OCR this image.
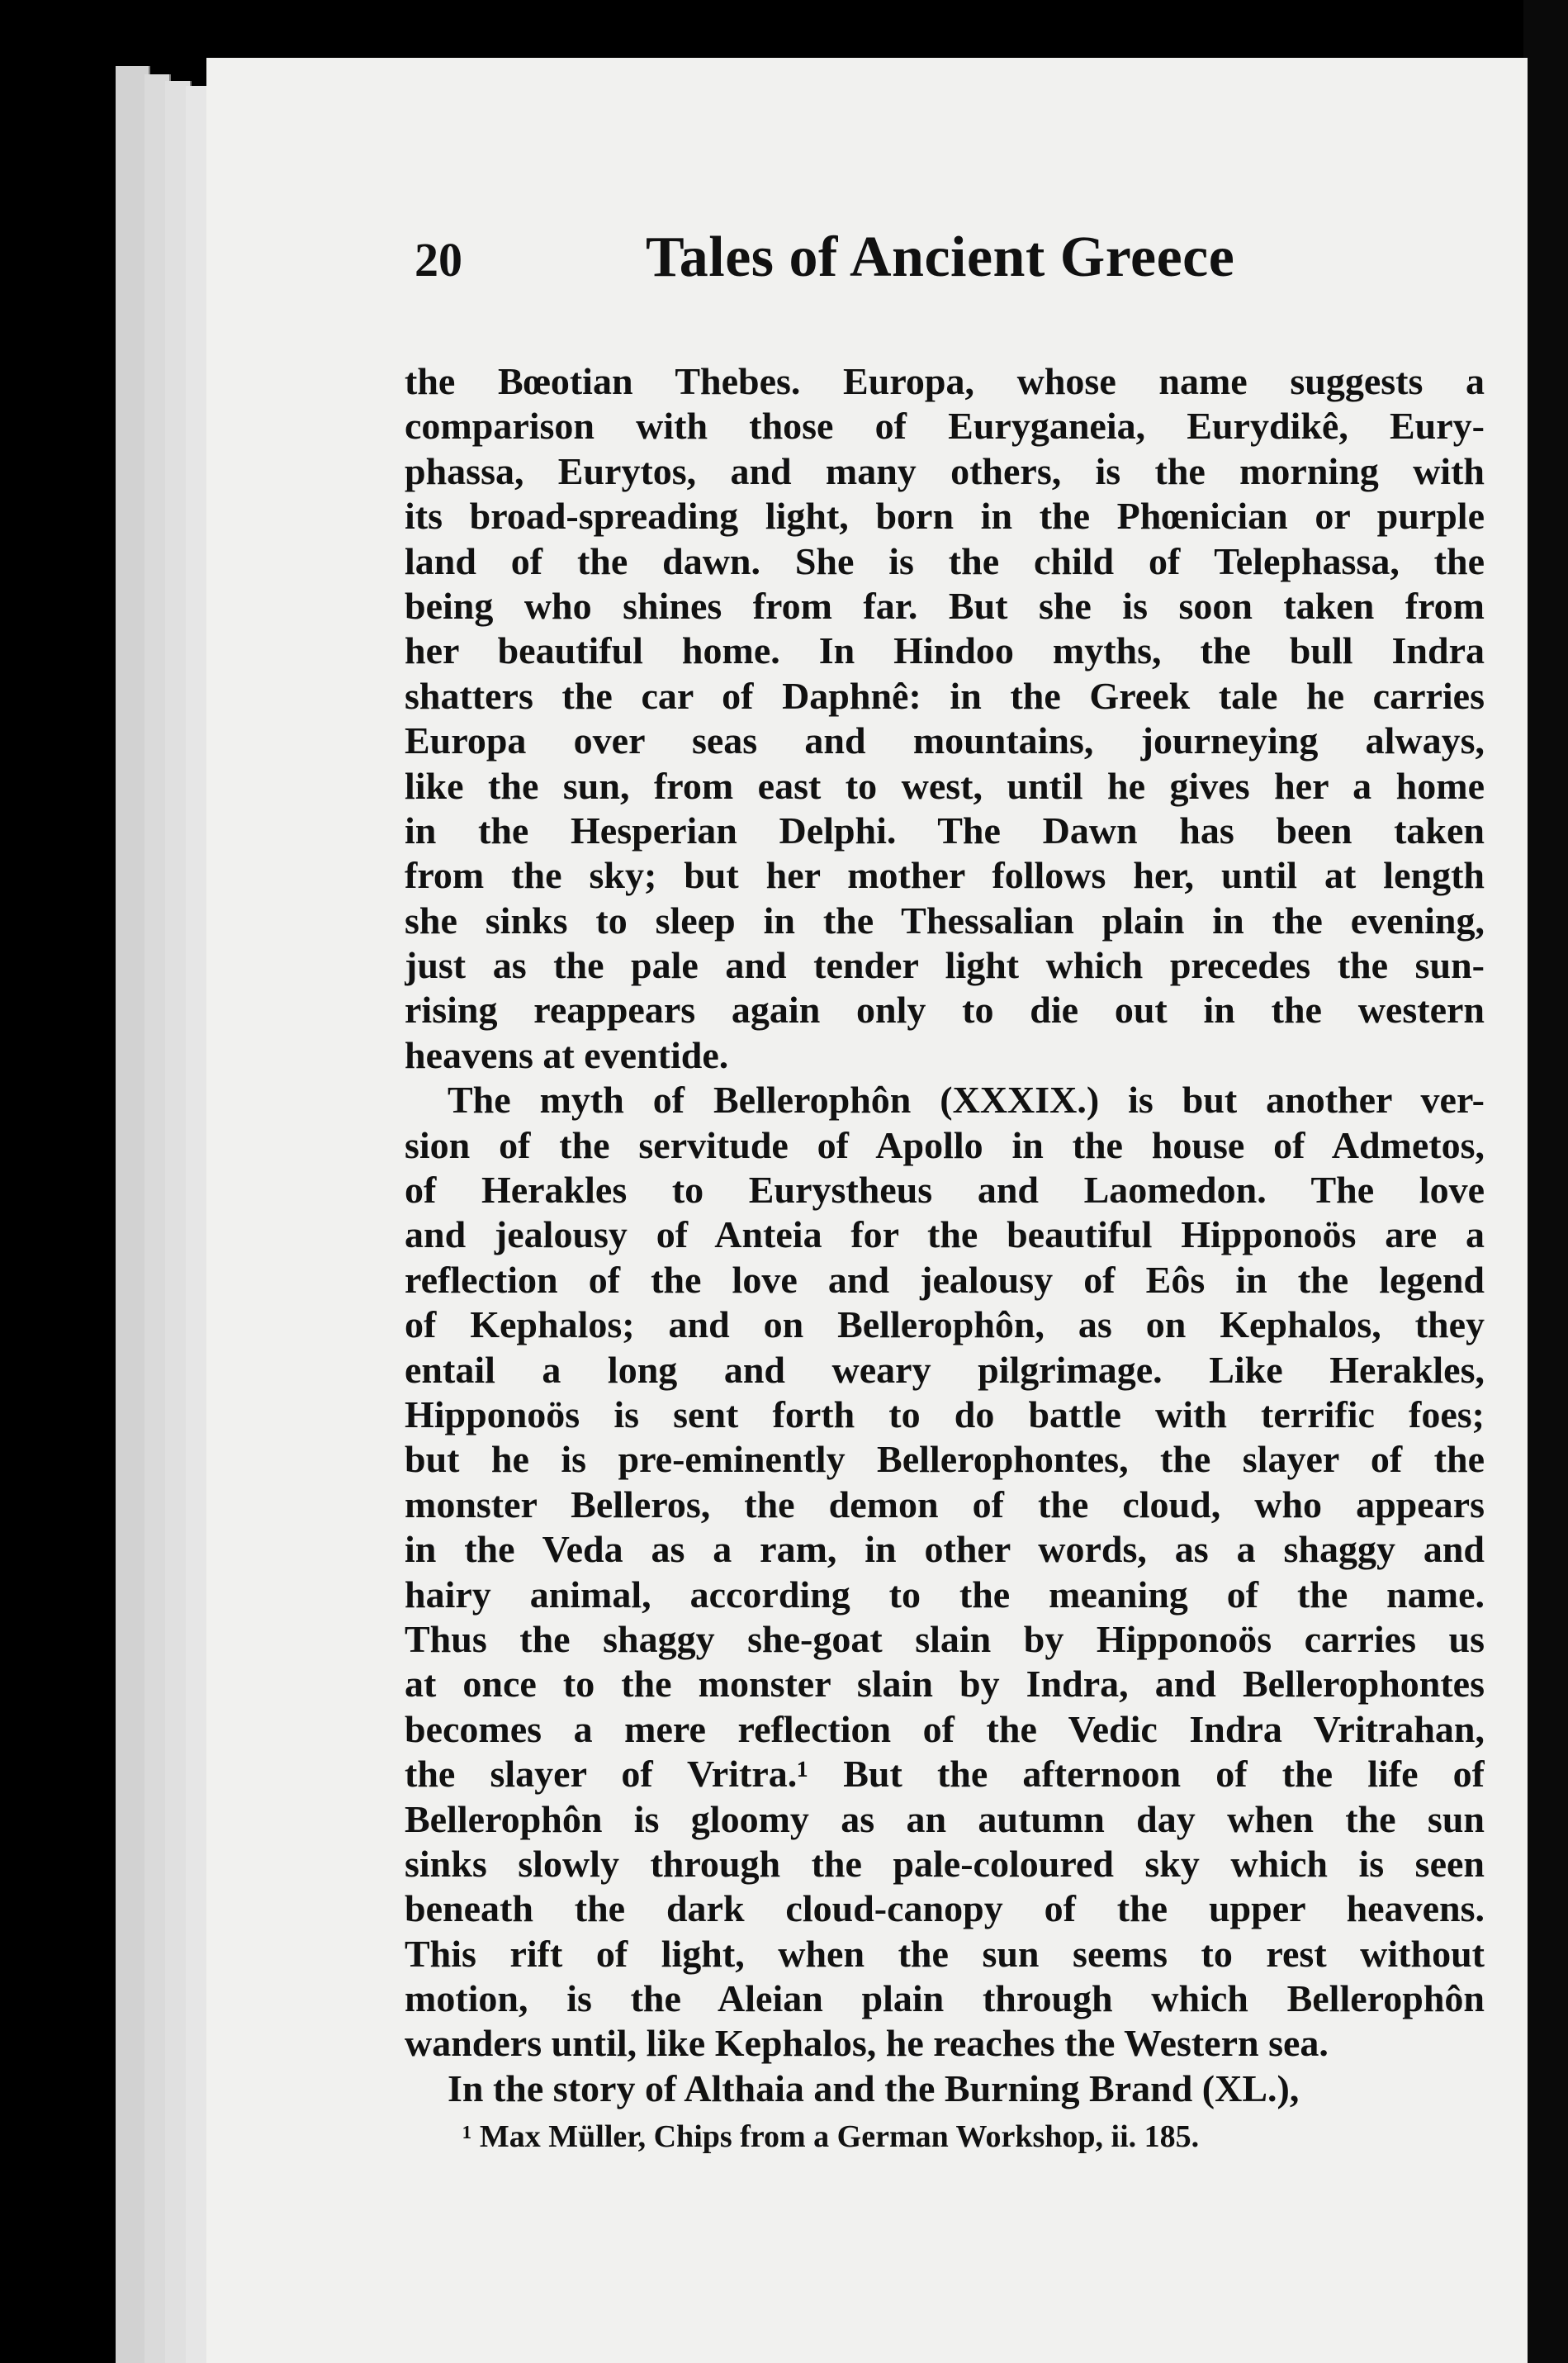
20	Tales of Ancient Greece
the Bœotian Thebes. Europa, whose name suggests a
comparison with those of Euryganeia, Eurydikê, Eury-
phassa, Eurytos, and many others, is the morning with
its broad-spreading light, born in the Phœnician or purple
land of the dawn. She is the child of Telephassa, the
being who shines from far. But she is soon taken from
her beautiful home. In Hindoo myths, the bull Indra
shatters the car of Daphnê: in the Greek tale he carries
Europa over seas and mountains, journeying always,
like the sun, from east to west, until he gives her a home
in the Hesperian Delphi. The Dawn has been taken
from the sky; but her mother follows her, until at length
she sinks to sleep in the Thessalian plain in the evening,
just as the pale and tender light which precedes the sun-
rising reappears again only to die out in the western
heavens at eventide.
The myth of Bellerophôn (XXXIX.) is but another ver-
sion of the servitude of Apollo in the house of Admetos,
of Herakles to Eurystheus and Laomedon. The love
and jealousy of Anteia for the beautiful Hipponoös are a
reflection of the love and jealousy of Eôs in the legend
of Kephalos; and on Bellerophôn, as on Kephalos, they
entail a long and weary pilgrimage. Like Herakles,
Hipponoös is sent forth to do battle with terrific foes;
but he is pre-eminently Bellerophontes, the slayer of the
monster Belleros, the demon of the cloud, who appears
in the Veda as a ram, in other words, as a shaggy and
hairy animal, according to the meaning of the name.
Thus the shaggy she-goat slain by Hipponoös carries us
at once to the monster slain by Indra, and Bellerophontes
becomes a mere reflection of the Vedic Indra Vritrahan,
the slayer of Vritra.¹ But the afternoon of the life of
Bellerophôn is gloomy as an autumn day when the sun
sinks slowly through the pale-coloured sky which is seen
beneath the dark cloud-canopy of the upper heavens.
This rift of light, when the sun seems to rest without
motion, is the Aleian plain through which Bellerophôn
wanders until, like Kephalos, he reaches the Western sea.
In the story of Althaia and the Burning Brand (XL.),
¹ Max Müller, Chips from a German Workshop, ii. 185.
